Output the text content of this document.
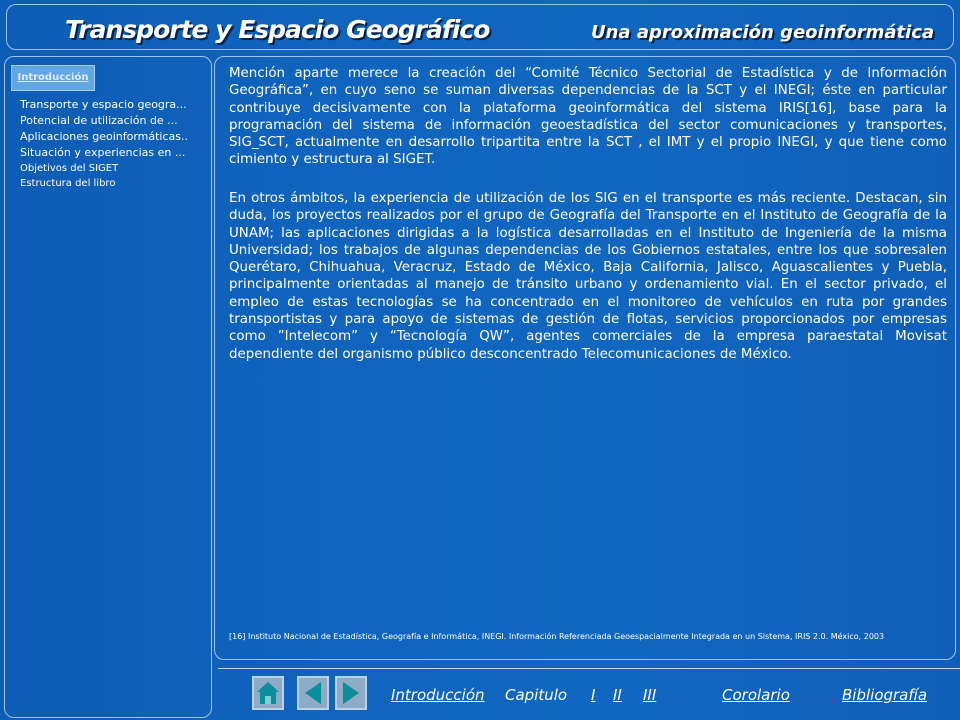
Transporte y Espacio Geográfico	Una aproximación geoinformática
Introducción
Transporte y espacio geogra...
Potencial de utilización de ...
Aplicaciones geoinformáticas..
Situación y experiencias en ...
Objetivos del SIGET
Estructura del libro

Mención aparte merece la creación del “Comité Técnico Sectorial de Estadística y de Información Geográfica”, en cuyo seno se suman diversas dependencias de la SCT y el INEGI; éste en particular contribuye decisivamente con la plataforma geoinformática del sistema IRIS[16], base para la programación del sistema de información geoestadística del sector comunicaciones y transportes, SIG_SCT, actualmente en desarrollo tripartita entre la SCT , el IMT y el propio INEGI, y que tiene como cimiento y estructura al SIGET.

En otros ámbitos, la experiencia de utilización de los SIG en el transporte es más reciente. Destacan, sin duda, los proyectos realizados por el grupo de Geografía del Transporte en el Instituto de Geografía de la UNAM; las aplicaciones dirigidas a la logística desarrolladas en el Instituto de Ingeniería de la misma Universidad; los trabajos de algunas dependencias de los Gobiernos estatales, entre los que sobresalen Querétaro, Chihuahua, Veracruz, Estado de México, Baja California, Jalisco, Aguascalientes y Puebla, principalmente orientadas al manejo de tránsito urbano y ordenamiento vial. En el sector privado, el empleo de estas tecnologías se ha concentrado en el monitoreo de vehículos en ruta por grandes transportistas y para apoyo de sistemas de gestión de flotas, servicios proporcionados por empresas como ”Intelecom” y “Tecnología QW”, agentes comerciales de la empresa paraestatal Movisat dependiente del organismo público desconcentrado Telecomunicaciones de México.

[16] Instituto Nacional de Estadística, Geografía e Informática, INEGI. Información Referenciada Geoespacialmente Integrada en un Sistema, IRIS 2.0. México, 2003

Introducción Capitulo I II III	Corolario	Bibliografía
